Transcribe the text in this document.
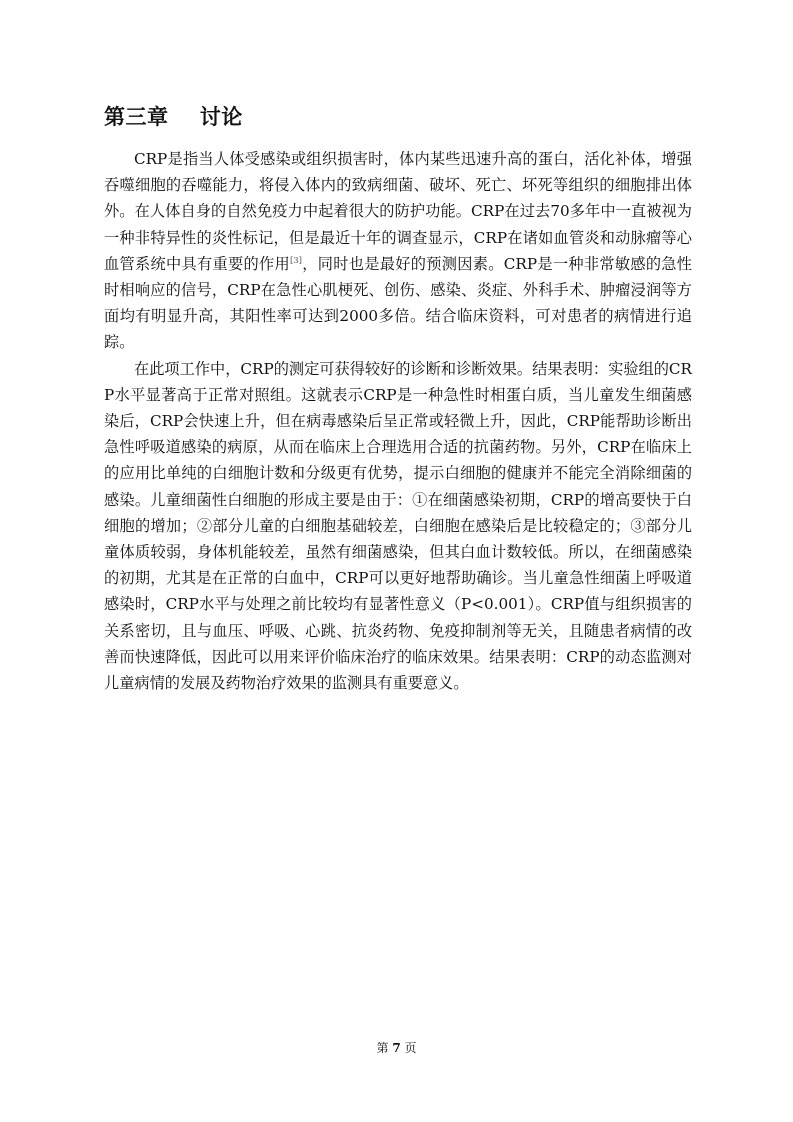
第三章    讨论

CRP是指当人体受感染或组织损害时，体内某些迅速升高的蛋白，活化补体，增强吞噬细胞的吞噬能力，将侵入体内的致病细菌、破坏、死亡、坏死等组织的细胞排出体外。在人体自身的自然免疫力中起着很大的防护功能。CRP在过去70多年中一直被视为一种非特异性的炎性标记，但是最近十年的调查显示，CRP在诸如血管炎和动脉瘤等心血管系统中具有重要的作用[3]，同时也是最好的预测因素。CRP是一种非常敏感的急性时相响应的信号，CRP在急性心肌梗死、创伤、感染、炎症、外科手术、肿瘤浸润等方面均有明显升高，其阳性率可达到2000多倍。结合临床资料，可对患者的病情进行追踪。

在此项工作中，CRP的测定可获得较好的诊断和诊断效果。结果表明：实验组的CRP水平显著高于正常对照组。这就表示CRP是一种急性时相蛋白质，当儿童发生细菌感染后，CRP会快速上升，但在病毒感染后呈正常或轻微上升，因此，CRP能帮助诊断出急性呼吸道感染的病原，从而在临床上合理选用合适的抗菌药物。另外，CRP在临床上的应用比单纯的白细胞计数和分级更有优势，提示白细胞的健康并不能完全消除细菌的感染。儿童细菌性白细胞的形成主要是由于：①在细菌感染初期，CRP的增高要快于白细胞的增加；②部分儿童的白细胞基础较差，白细胞在感染后是比较稳定的；③部分儿童体质较弱，身体机能较差，虽然有细菌感染，但其白血计数较低。所以，在细菌感染的初期，尤其是在正常的白血中，CRP可以更好地帮助确诊。当儿童急性细菌上呼吸道感染时，CRP水平与处理之前比较均有显著性意义（P<0.001）。CRP值与组织损害的关系密切，且与血压、呼吸、心跳、抗炎药物、免疫抑制剂等无关，且随患者病情的改善而快速降低，因此可以用来评价临床治疗的临床效果。结果表明：CRP的动态监测对儿童病情的发展及药物治疗效果的监测具有重要意义。

第 7 页
